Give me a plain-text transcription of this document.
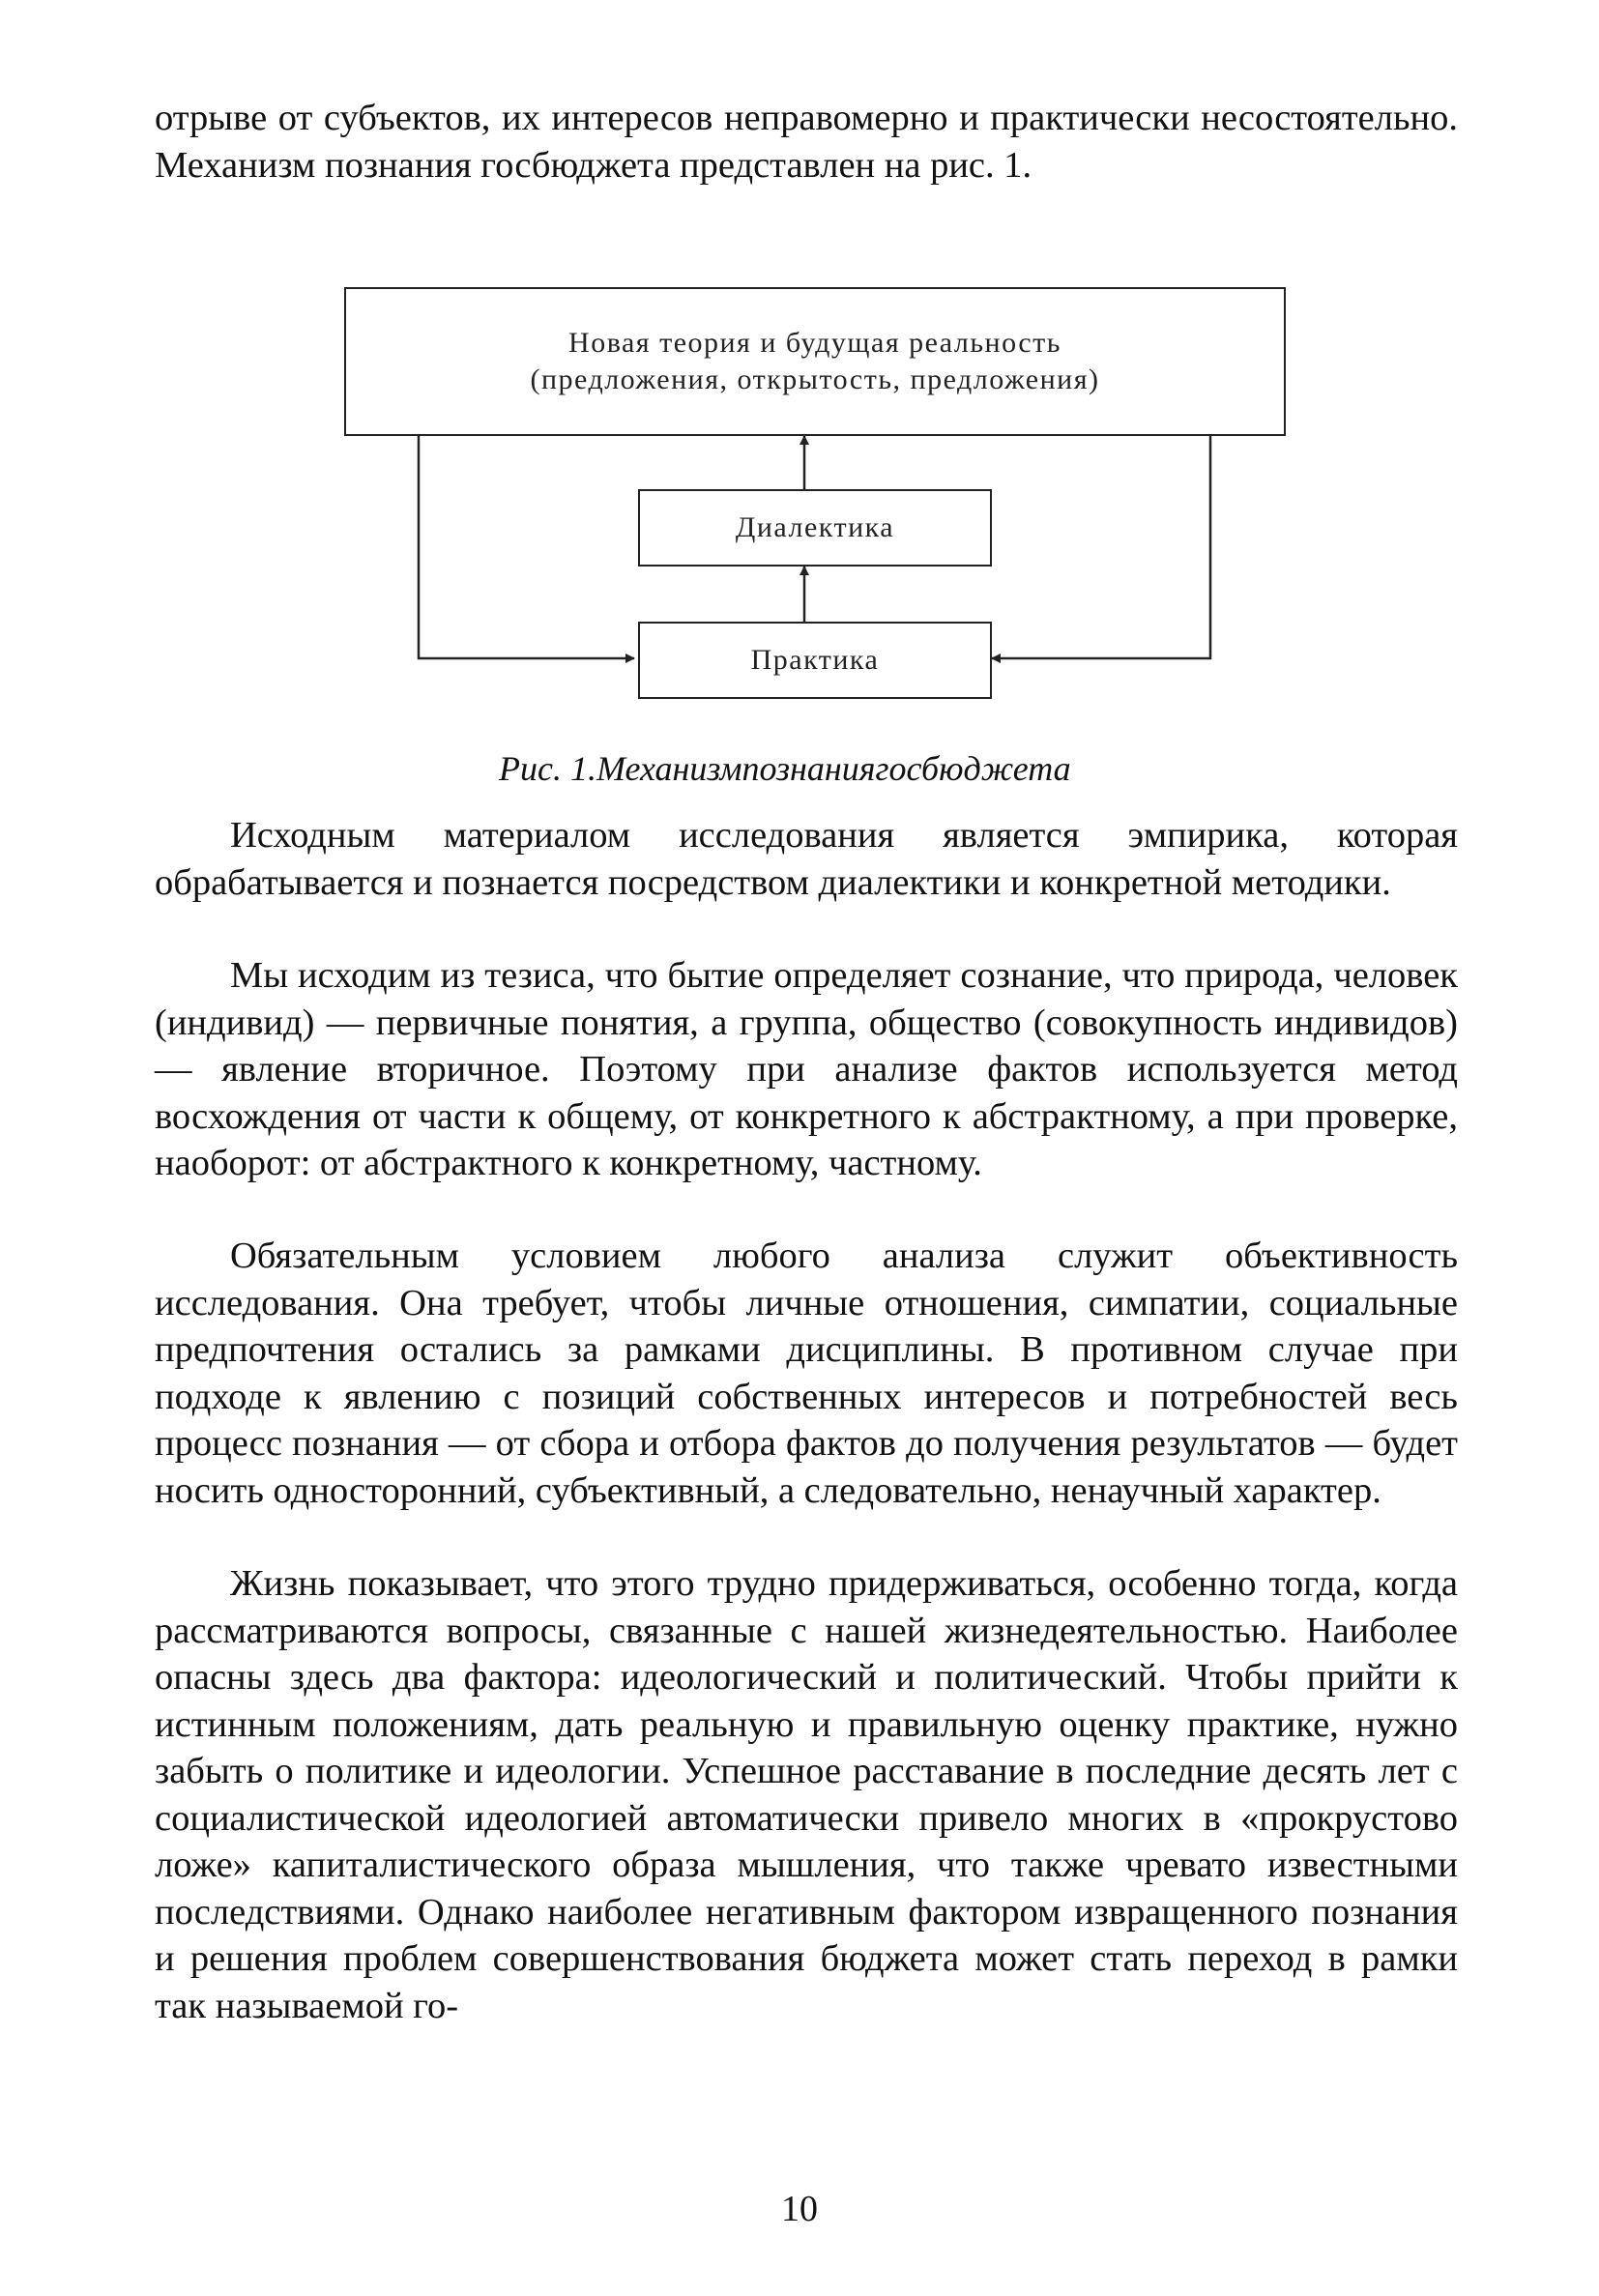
отрыве от субъектов, их интересов неправомерно и практически несостоятельно. Механизм познания госбюджета представлен на рис. 1.

Новая теория и будущая реальность
(предложения, открытость, предложения)
Диалектика
Практика
Рис. 1.Механизмпознаниягосбюджета

Исходным материалом исследования является эмпирика, которая обрабатывается и познается посредством диалектики и конкретной методики.

Мы исходим из тезиса, что бытие определяет сознание, что природа, человек (индивид) — первичные понятия, а группа, общество (совокупность индивидов) — явление вторичное. Поэтому при анализе фактов используется метод восхождения от части к общему, от конкретного к абстрактному, а при проверке, наоборот: от абстрактного к конкретному, частному.

Обязательным условием любого анализа служит объективность исследования. Она требует, чтобы личные отношения, симпатии, социальные предпочтения остались за рамками дисциплины. В противном случае при подходе к явлению с позиций собственных интересов и потребностей весь процесс познания — от сбора и отбора фактов до получения результатов — будет носить односторонний, субъективный, а следовательно, ненаучный характер.

Жизнь показывает, что этого трудно придерживаться, особенно тогда, когда рассматриваются вопросы, связанные с нашей жизнедеятельностью. Наиболее опасны здесь два фактора: идеологический и политический. Чтобы прийти к истинным положениям, дать реальную и правильную оценку практике, нужно забыть о политике и идеологии. Успешное расставание в последние десять лет с социалистической идеологией автоматически привело многих в «прокрустово ложе» капиталистического образа мышления, что также чревато известными последствиями. Однако наиболее негативным фактором извращенного познания и решения проблем совершенствования бюджета может стать переход в рамки так называемой го-

10
